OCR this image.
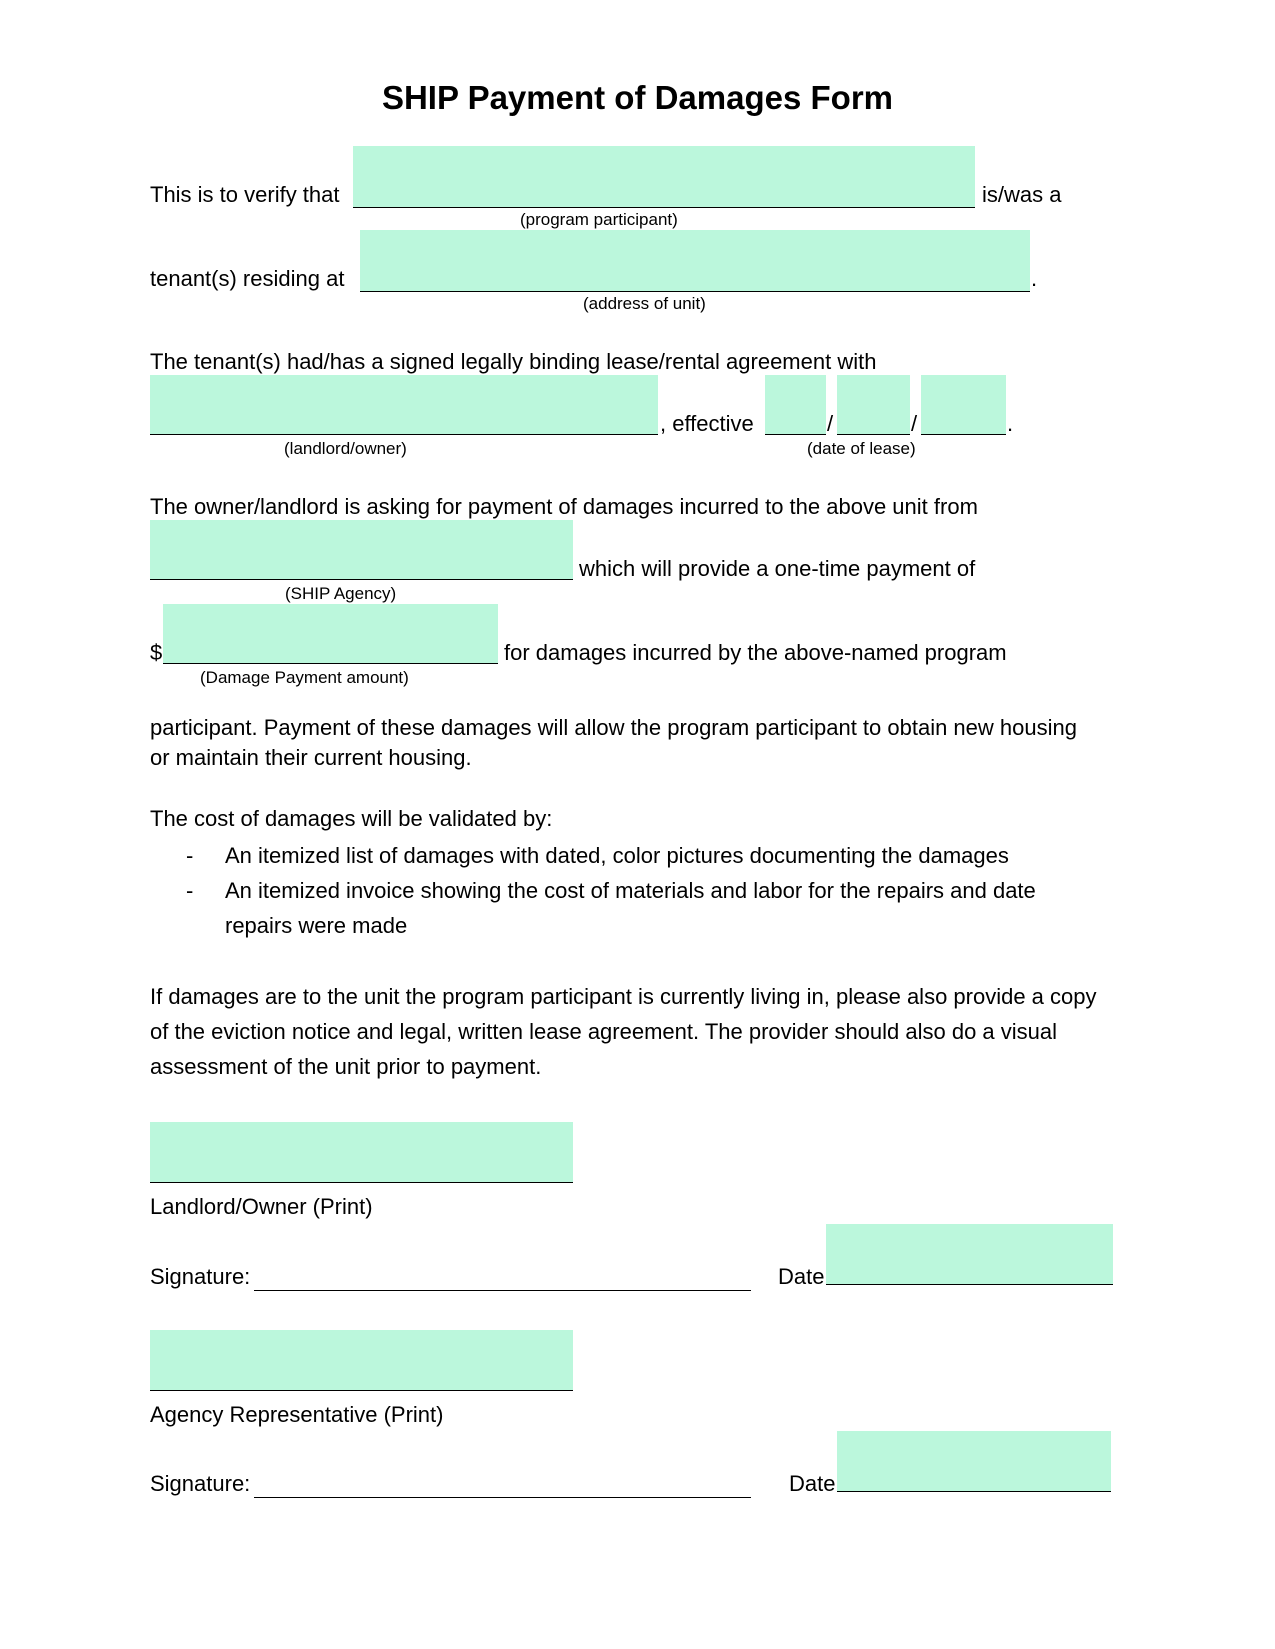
SHIP Payment of Damages Form
This is to verify that	is/was a
(program participant)
tenant(s) residing at	.
(address of unit)
The tenant(s) had/has a signed legally binding lease/rental agreement with
, effective	/	/	.
(landlord/owner)	(date of lease)
The owner/landlord is asking for payment of damages incurred to the above unit from
which will provide a one-time payment of
(SHIP Agency)
$	for damages incurred by the above-named program
(Damage Payment amount)
participant. Payment of these damages will allow the program participant to obtain new housing or maintain their current housing.
The cost of damages will be validated by:
- An itemized list of damages with dated, color pictures documenting the damages
- An itemized invoice showing the cost of materials and labor for the repairs and date repairs were made
If damages are to the unit the program participant is currently living in, please also provide a copy of the eviction notice and legal, written lease agreement. The provider should also do a visual assessment of the unit prior to payment.
Landlord/Owner (Print)
Signature:	Date
Agency Representative (Print)
Signature:	Date
